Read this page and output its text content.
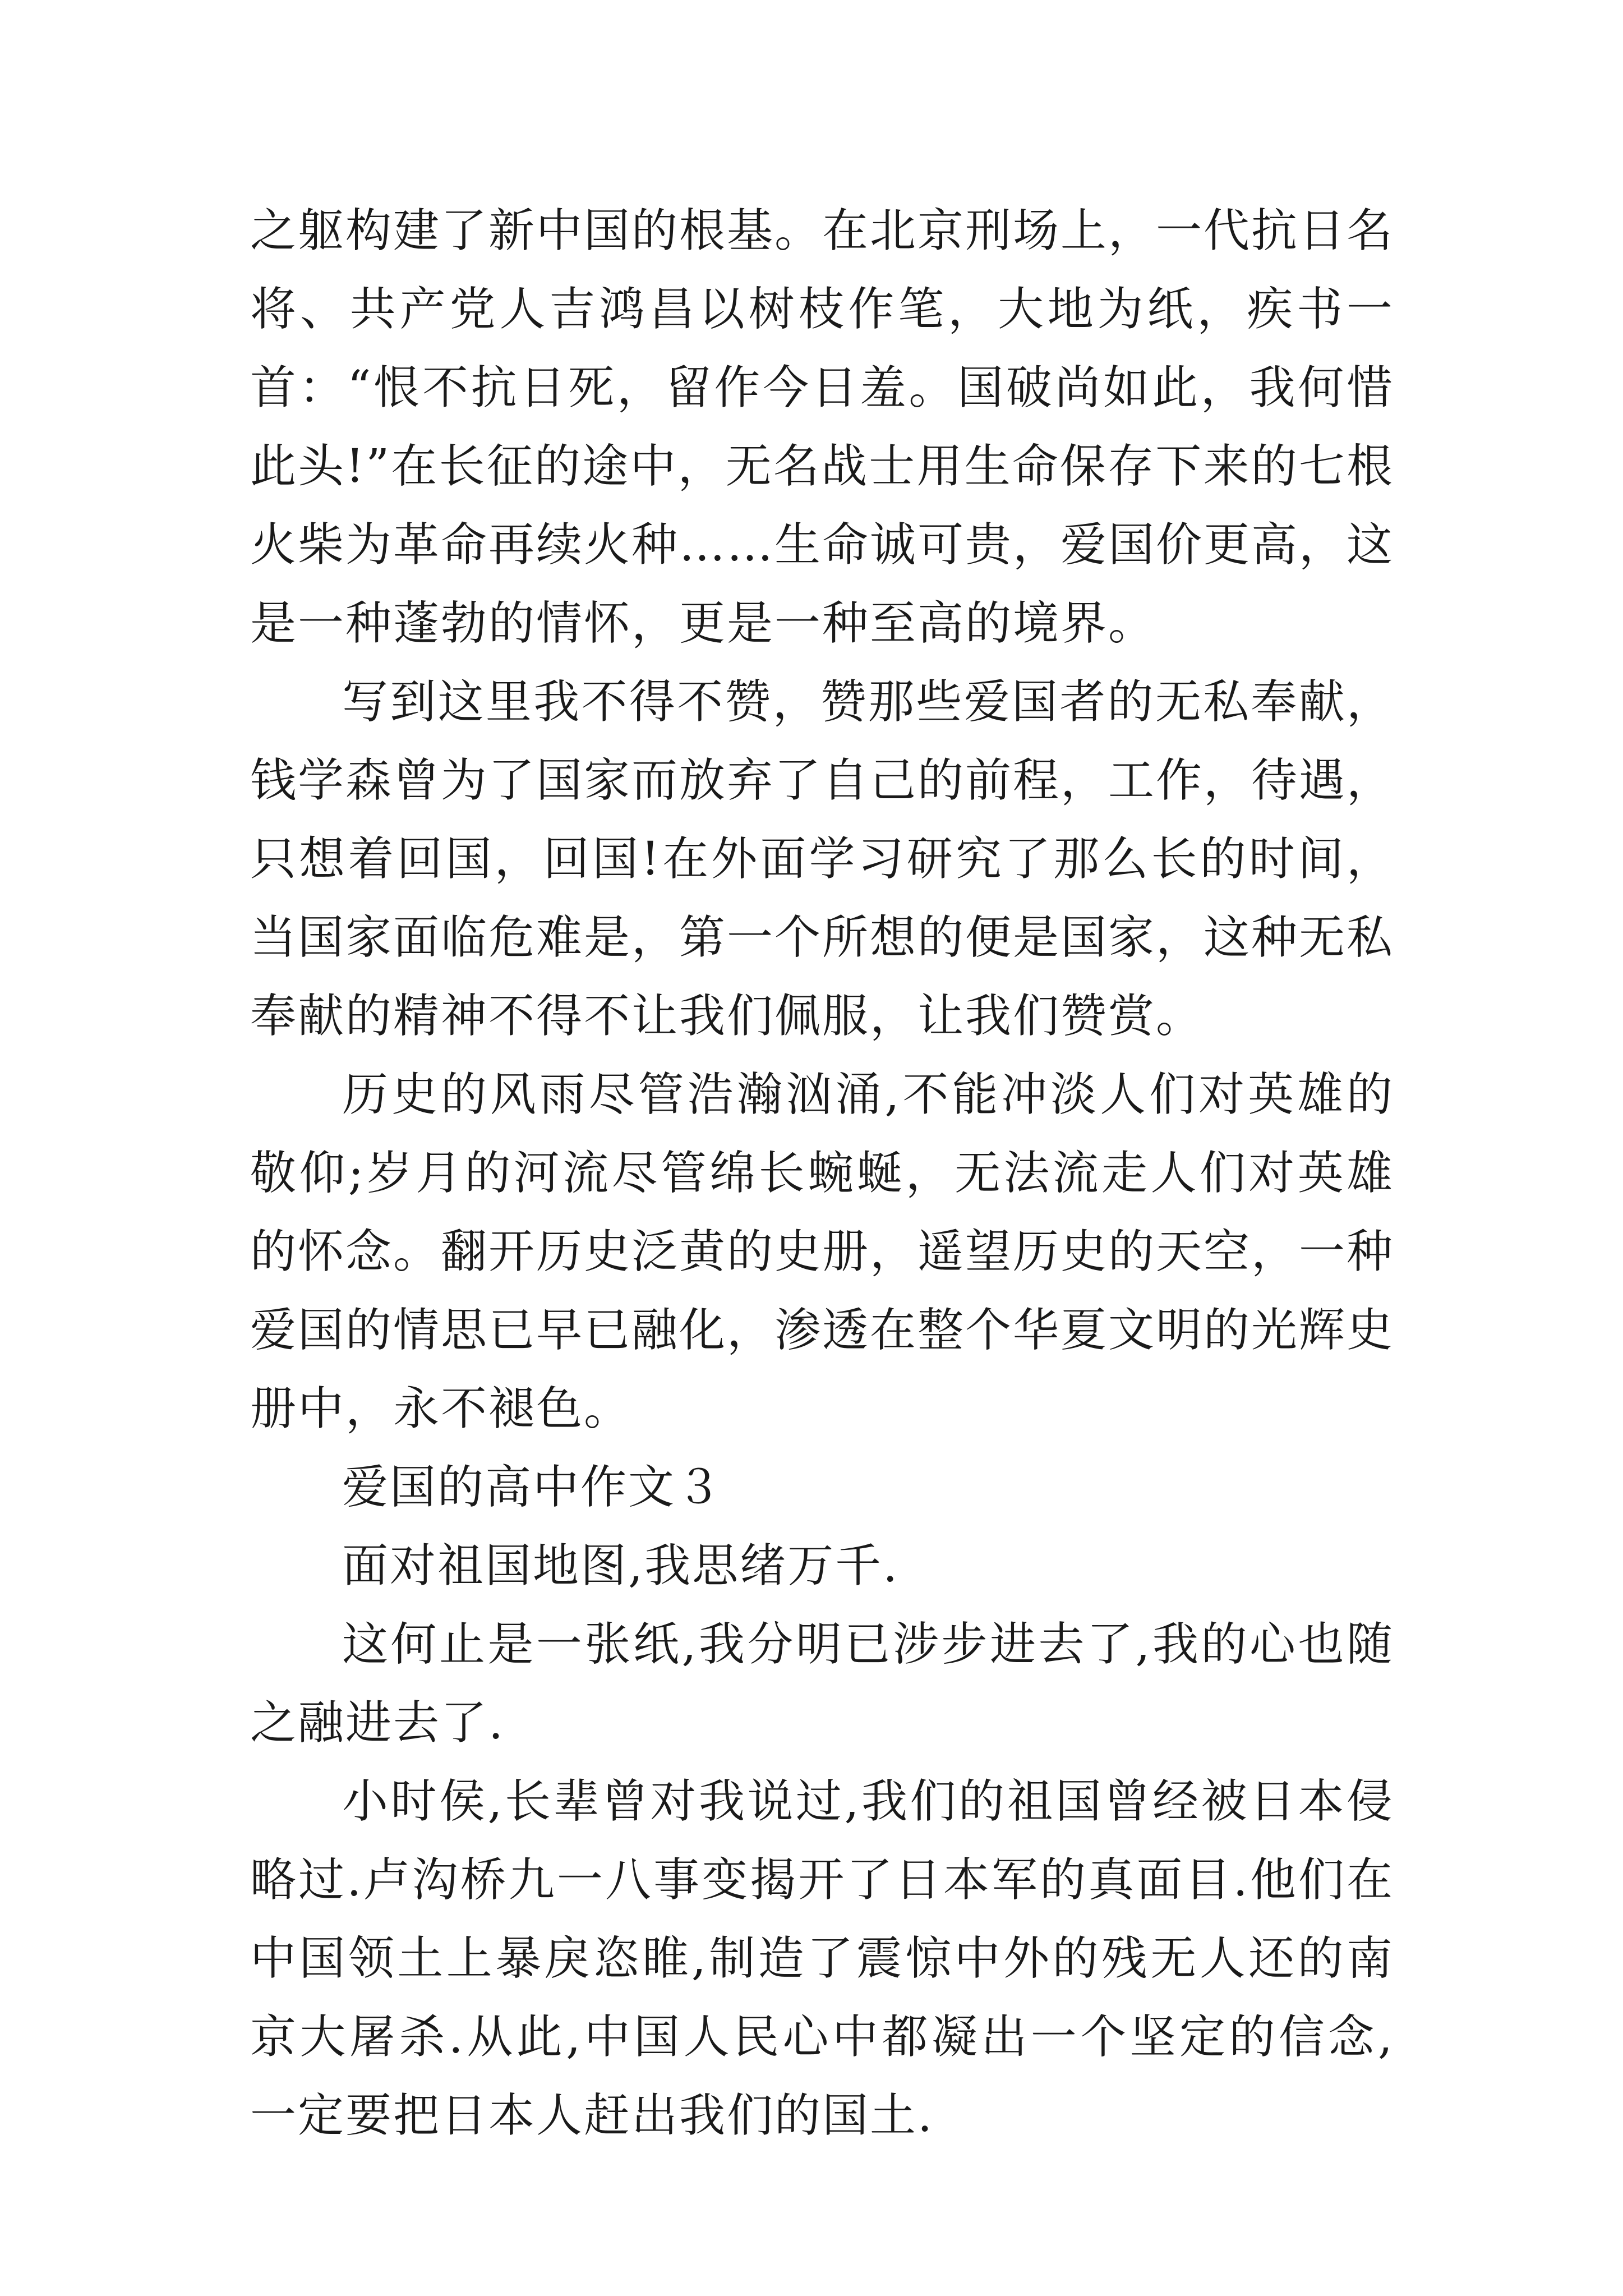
之躯构建了新中国的根基。在北京刑场上，一代抗日名将、共产党人吉鸿昌以树枝作笔，大地为纸，疾书一首：“恨不抗日死，留作今日羞。国破尚如此，我何惜此头!”在长征的途中，无名战士用生命保存下来的七根火柴为革命再续火种……生命诚可贵，爱国价更高，这是一种蓬勃的情怀，更是一种至高的境界。

写到这里我不得不赞，赞那些爱国者的无私奉献，钱学森曾为了国家而放弃了自己的前程，工作，待遇，只想着回国，回国!在外面学习研究了那么长的时间，当国家面临危难是，第一个所想的便是国家，这种无私奉献的精神不得不让我们佩服，让我们赞赏。

历史的风雨尽管浩瀚汹涌,不能冲淡人们对英雄的敬仰;岁月的河流尽管绵长蜿蜒，无法流走人们对英雄的怀念。翻开历史泛黄的史册，遥望历史的天空，一种爱国的情思已早已融化，渗透在整个华夏文明的光辉史册中，永不褪色。

爱国的高中作文３

面对祖国地图,我思绪万千.

这何止是一张纸,我分明已涉步进去了,我的心也随之融进去了.

小时侯,长辈曾对我说过,我们的祖国曾经被日本侵略过.卢沟桥九一八事变揭开了日本军的真面目.他们在中国领土上暴戾恣睢,制造了震惊中外的残无人还的南京大屠杀.从此,中国人民心中都凝出一个坚定的信念,一定要把日本人赶出我们的国土.
